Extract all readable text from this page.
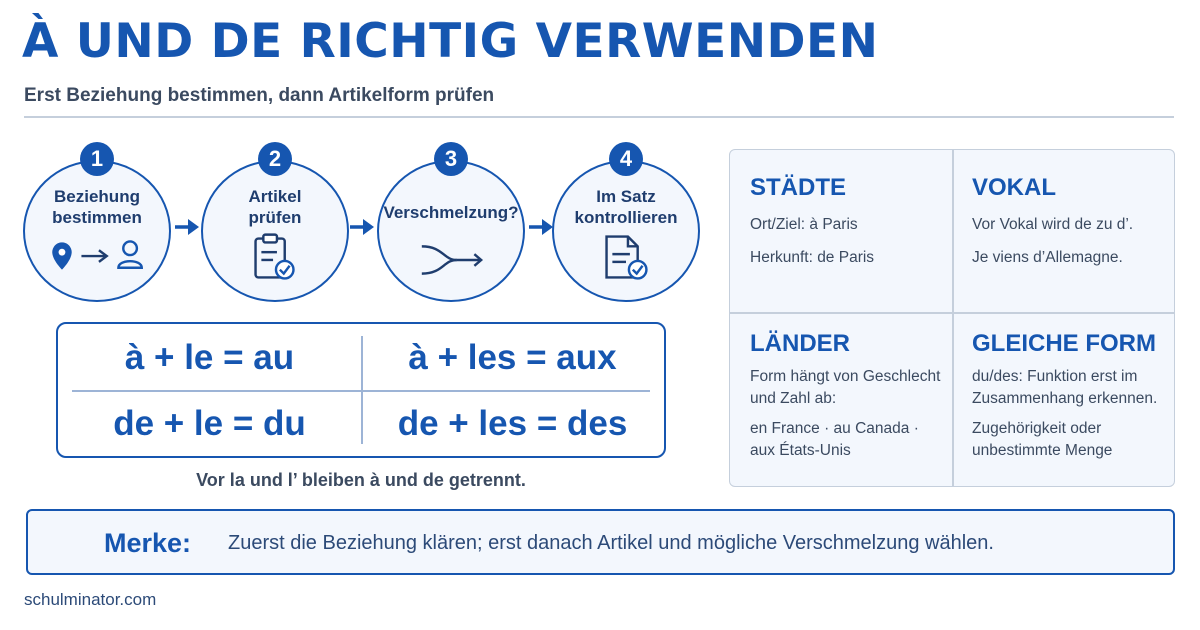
À UND DE RICHTIG VERWENDEN
Erst Beziehung bestimmen, dann Artikelform prüfen
1
Beziehung
bestimmen
2
Artikel
prüfen
3
Verschmelzung?
4
Im Satz
kontrollieren
à + le = au	à + les = aux
de + le = du	de + les = des
Vor la und l’ bleiben à und de getrennt.
STÄDTE
Ort/Ziel: à Paris
Herkunft: de Paris
VOKAL
Vor Vokal wird de zu d’.
Je viens d’Allemagne.
LÄNDER
Form hängt von Geschlecht und Zahl ab:
en France · au Canada · aux États-Unis
GLEICHE FORM
du/des: Funktion erst im Zusammenhang erkennen.
Zugehörigkeit oder unbestimmte Menge
Merke: Zuerst die Beziehung klären; erst danach Artikel und mögliche Verschmelzung wählen.
schulminator.com
